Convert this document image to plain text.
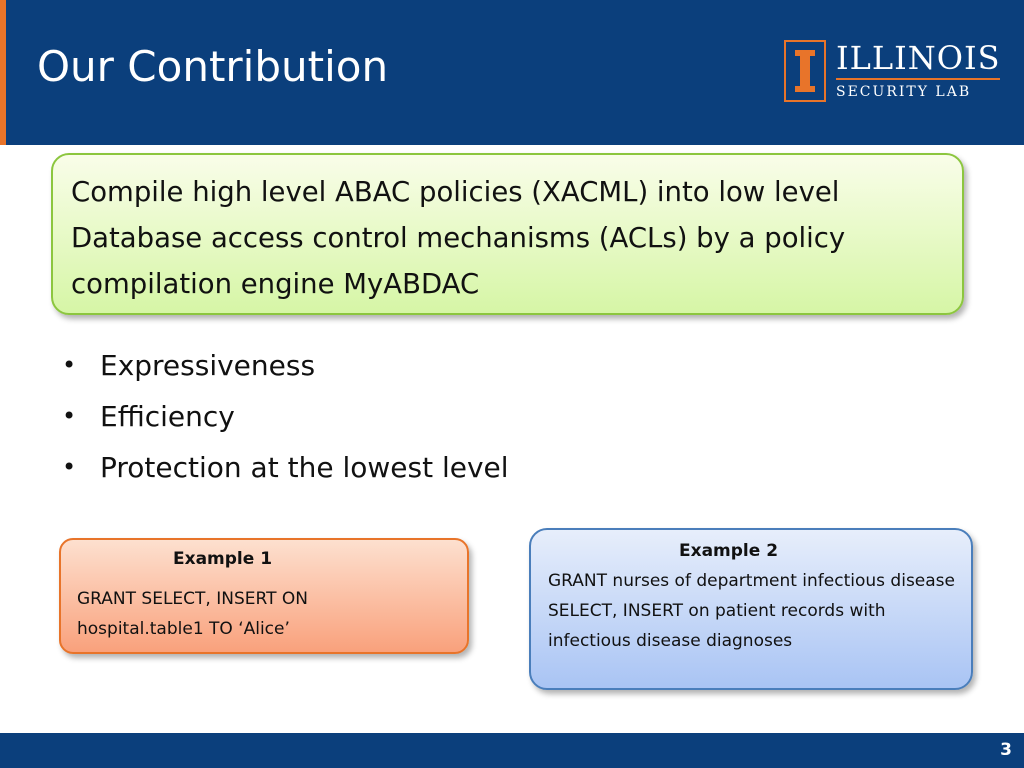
Our Contribution	ILLINOIS
SECURITY LAB
Compile high level ABAC policies (XACML) into low level Database access control mechanisms (ACLs) by a policy compilation engine MyABDAC
• Expressiveness
• Efficiency
• Protection at the lowest level
Example 1
GRANT SELECT, INSERT ON hospital.table1 TO ‘Alice’
Example 2
GRANT nurses of department infectious disease SELECT, INSERT on patient records with infectious disease diagnoses
3
